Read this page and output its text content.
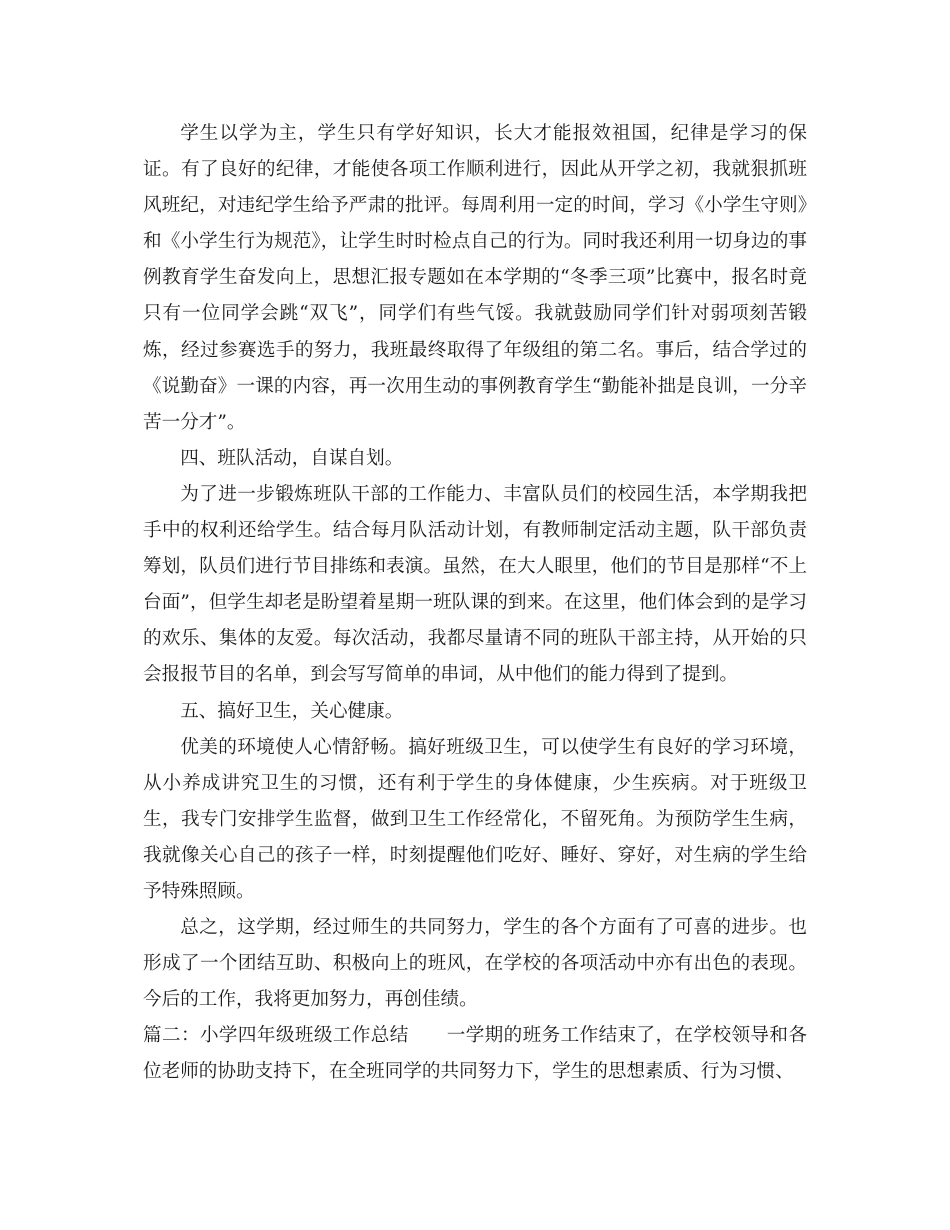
学生以学为主，学生只有学好知识，长大才能报效祖国，纪律是学习的保证。有了良好的纪律，才能使各项工作顺利进行，因此从开学之初，我就狠抓班风班纪，对违纪学生给予严肃的批评。每周利用一定的时间，学习《小学生守则》和《小学生行为规范》，让学生时时检点自己的行为。同时我还利用一切身边的事例教育学生奋发向上，思想汇报专题如在本学期的“冬季三项”比赛中，报名时竟只有一位同学会跳“双飞”，同学们有些气馁。我就鼓励同学们针对弱项刻苦锻炼，经过参赛选手的努力，我班最终取得了年级组的第二名。事后，结合学过的《说勤奋》一课的内容，再一次用生动的事例教育学生“勤能补拙是良训，一分辛苦一分才”。

四、班队活动，自谋自划。

为了进一步锻炼班队干部的工作能力、丰富队员们的校园生活，本学期我把手中的权利还给学生。结合每月队活动计划，有教师制定活动主题，队干部负责筹划，队员们进行节目排练和表演。虽然，在大人眼里，他们的节目是那样“不上台面”，但学生却老是盼望着星期一班队课的到来。在这里，他们体会到的是学习的欢乐、集体的友爱。每次活动，我都尽量请不同的班队干部主持，从开始的只会报报节目的名单，到会写写简单的串词，从中他们的能力得到了提到。

五、搞好卫生，关心健康。

优美的环境使人心情舒畅。搞好班级卫生，可以使学生有良好的学习环境，从小养成讲究卫生的习惯，还有利于学生的身体健康，少生疾病。对于班级卫生，我专门安排学生监督，做到卫生工作经常化，不留死角。为预防学生生病，我就像关心自己的孩子一样，时刻提醒他们吃好、睡好、穿好，对生病的学生给予特殊照顾。

总之，这学期，经过师生的共同努力，学生的各个方面有了可喜的进步。也形成了一个团结互助、积极向上的班风，在学校的各项活动中亦有出色的表现。今后的工作，我将更加努力，再创佳绩。

篇二：小学四年级班级工作总结　　一学期的班务工作结束了，在学校领导和各位老师的协助支持下，在全班同学的共同努力下，学生的思想素质、行为习惯、
